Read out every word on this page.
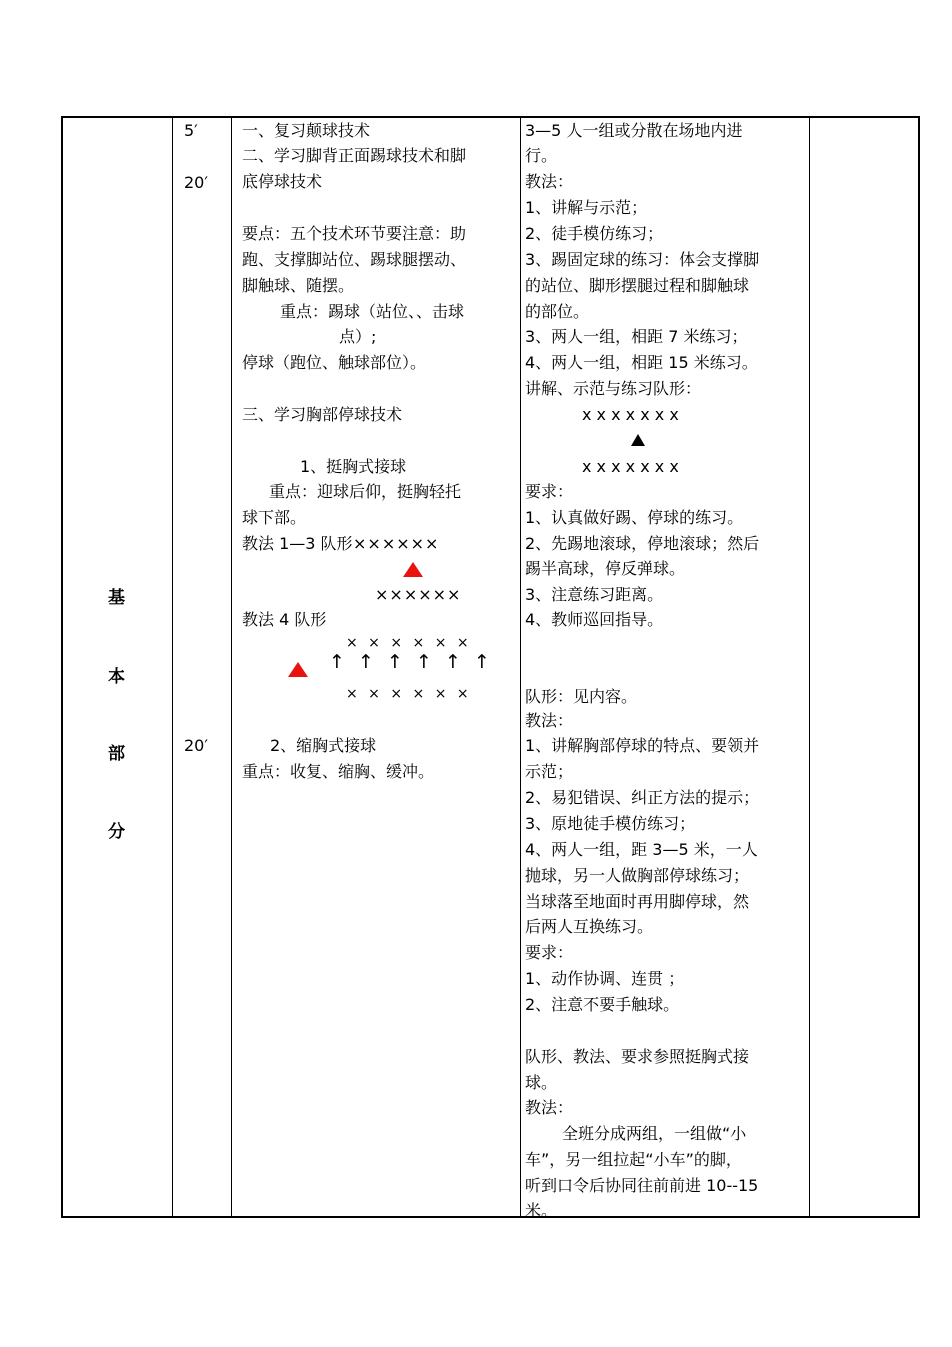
基
本
部
分
5′
20′
20′
一、复习颠球技术
二、学习脚背正面踢球技术和脚
底停球技术
要点：五个技术环节要注意：助
跑、支撑脚站位、踢球腿摆动、
脚触球、随摆。
重点：踢球（站位、、击球
点）;
停球（跑位、触球部位）。
三、学习胸部停球技术
1、挺胸式接球
重点：迎球后仰，挺胸轻托
球下部。
教法 1—3 队形 ××××××
××××××
教法 4 队形
× × × × × ×
↑ ↑ ↑ ↑ ↑ ↑
× × × × × ×
2、缩胸式接球
重点：收复、缩胸、缓冲。
3—5 人一组或分散在场地内进
行。
教法：
1、讲解与示范；
2、徒手模仿练习；
3、踢固定球的练习：体会支撑脚
的站位、脚形摆腿过程和脚触球
的部位。
3、两人一组，相距 7 米练习；
4、两人一组，相距 15 米练习。
讲解、示范与练习队形：
x x x x x x x
x x x x x x x
要求：
1、认真做好踢、停球的练习。
2、先踢地滚球，停地滚球；然后
踢半高球，停反弹球。
3、注意练习距离。
4、教师巡回指导。
队形：见内容。
教法：
1、讲解胸部停球的特点、要领并
示范；
2、易犯错误、纠正方法的提示；
3、原地徒手模仿练习；
4、两人一组，距 3—5 米，一人
抛球，另一人做胸部停球练习；
当球落至地面时再用脚停球，然
后两人互换练习。
要求：
1、动作协调、连贯 ；
2、注意不要手触球。
队形、教法、要求参照挺胸式接
球。
教法：
全班分成两组，一组做“小
车”，另一组拉起“小车”的脚，
听到口令后协同往前前进 10--15
米。
